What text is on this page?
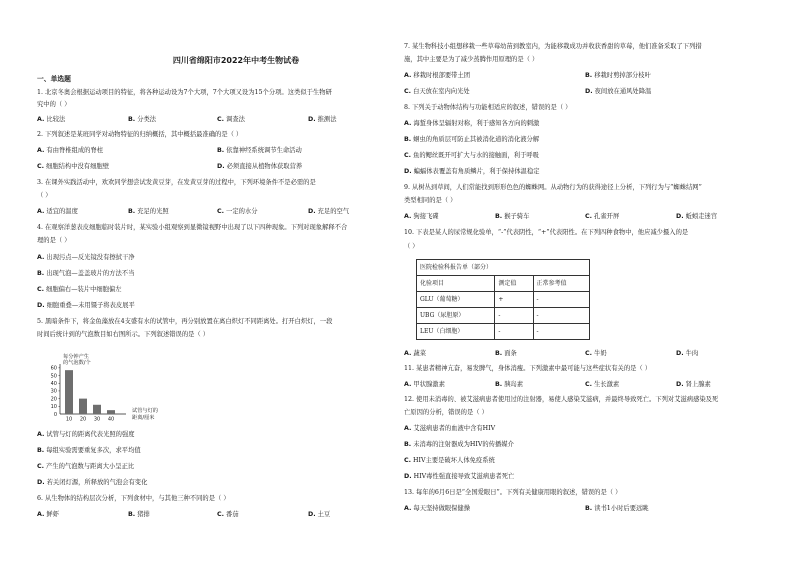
四川省绵阳市2022年中考生物试卷
一、单选题
1. 北京冬奥会根据运动项目的特征，将各种运动设为7个大项，7个大项又设为15个分项。这类似于生物研
究中的（ ）
A. 比较法	B. 分类法	C. 调查法	D. 推测法
2. 下列叙述是某班同学对动物特征的归纳概括，其中概括最准确的是（ ）
A. 有由脊椎组成的脊柱	B. 依靠神经系统调节生命活动
C. 细胞结构中没有细胞壁	D. 必须直接从植物体获取营养
3. 在课外实践活动中，欢欢同学想尝试发黄豆芽，在发黄豆芽的过程中，下列环境条件不是必需的是
（ ）
A. 适宜的温度	B. 充足的光照	C. 一定的水分	D. 充足的空气
4. 在观察洋葱表皮细胞临时装片时，某实验小组观察到显微镜视野中出现了以下四种现象。下列对现象解释不合
理的是（ ）
A. 出现污点—反光镜没有擦拭干净
B. 出现气泡—盖盖玻片的方法不当
C. 细胞偏右—装片中细胞偏左
D. 细胞重叠—未用镊子将表皮展平
5. 黑暗条件下，将金鱼藻放在4支盛有水的试管中，再分别放置在离白炽灯不同距离处。打开白炽灯，一段
时间后统计到的气泡数目如右图所示。下列叙述错误的是（ ）
每分钟产生
的气泡数/个
0
10
20
30
40
50
60
10 20 30 40
试管与灯的
距离/厘米
A. 试管与灯的距离代表光照的强度
B. 每组实验需要重复多次，求平均值
C. 产生的气泡数与距离大小呈正比
D. 若关闭灯源，所释放的气泡会有变化
6. 从生物体的结构层次分析，下列食材中，与其他三种不同的是（ ）
A. 鲜虾	B. 猪排	C. 番茄	D. 土豆
7. 某生物科技小组想移栽一些草莓幼苗到教室内，为能移栽成功并收获香甜的草莓，他们准备采取了下列措
施，其中主要是为了减少蒸腾作用原理的是（ ）
A. 移栽时根部要带土团	B. 移栽时剪掉部分枝叶
C. 白天放在室内向光处	D. 夜间放在通风处降温
8. 下列关于动物体结构与功能相适应的叙述，错误的是（ ）
A. 海蜇身体呈辐射对称，利于感知各方向的刺激
B. 蛔虫的角质层可防止其被消化道的消化液分解
C. 鱼的鳃丝既开可扩大与水的接触面，利于呼吸
D. 蝙蝠体表覆盖有角质鳞片，利于保持体温稳定
9. 从树丛到草间，人们常能找到形形色色的蜘蛛网。从动物行为的获得途径上分析，下列行为与“蜘蛛结网”
类型相同的是（ ）
A. 狗接飞碟	B. 猴子骑车	C. 孔雀开屏	D. 蚯蚓走迷宫
10. 下表是某人的尿常规化验单，“-”代表阴性，“+”代表阳性。在下列四种食物中，他应减少摄入的是
（ ）
医院检验科报告单（部分）		
化验项目	测定值	正常参考值
GLU（葡萄糖）	+	-
UBG（尿胆原）	-	-
LEU（白细胞）	-	-
A. 蔬菜	B. 面条	C. 牛奶	D. 牛肉
11. 某患者精神亢奋，易发脾气，身体消瘦。下列激素中最可能与这些症状有关的是（ ）
A. 甲状腺激素	B. 胰岛素	C. 生长激素	D. 肾上腺素
12. 使用未消毒的、被艾滋病患者使用过的注射器，易使人感染艾滋病，并最终导致死亡。下列对艾滋病感染及死
亡原因的分析，错误的是（ ）
A. 艾滋病患者的血液中含有HIV
B. 未消毒的注射器成为HIV的传播媒介
C. HIV主要是破坏人体免疫系统
D. HIV毒性强直接导致艾滋病患者死亡
13. 每年的6月6日是“全国爱眼日”。下列有关健康用眼的叙述，错误的是（ ）
A. 每天坚持做眼保健操	B. 读书1小时后要远眺
